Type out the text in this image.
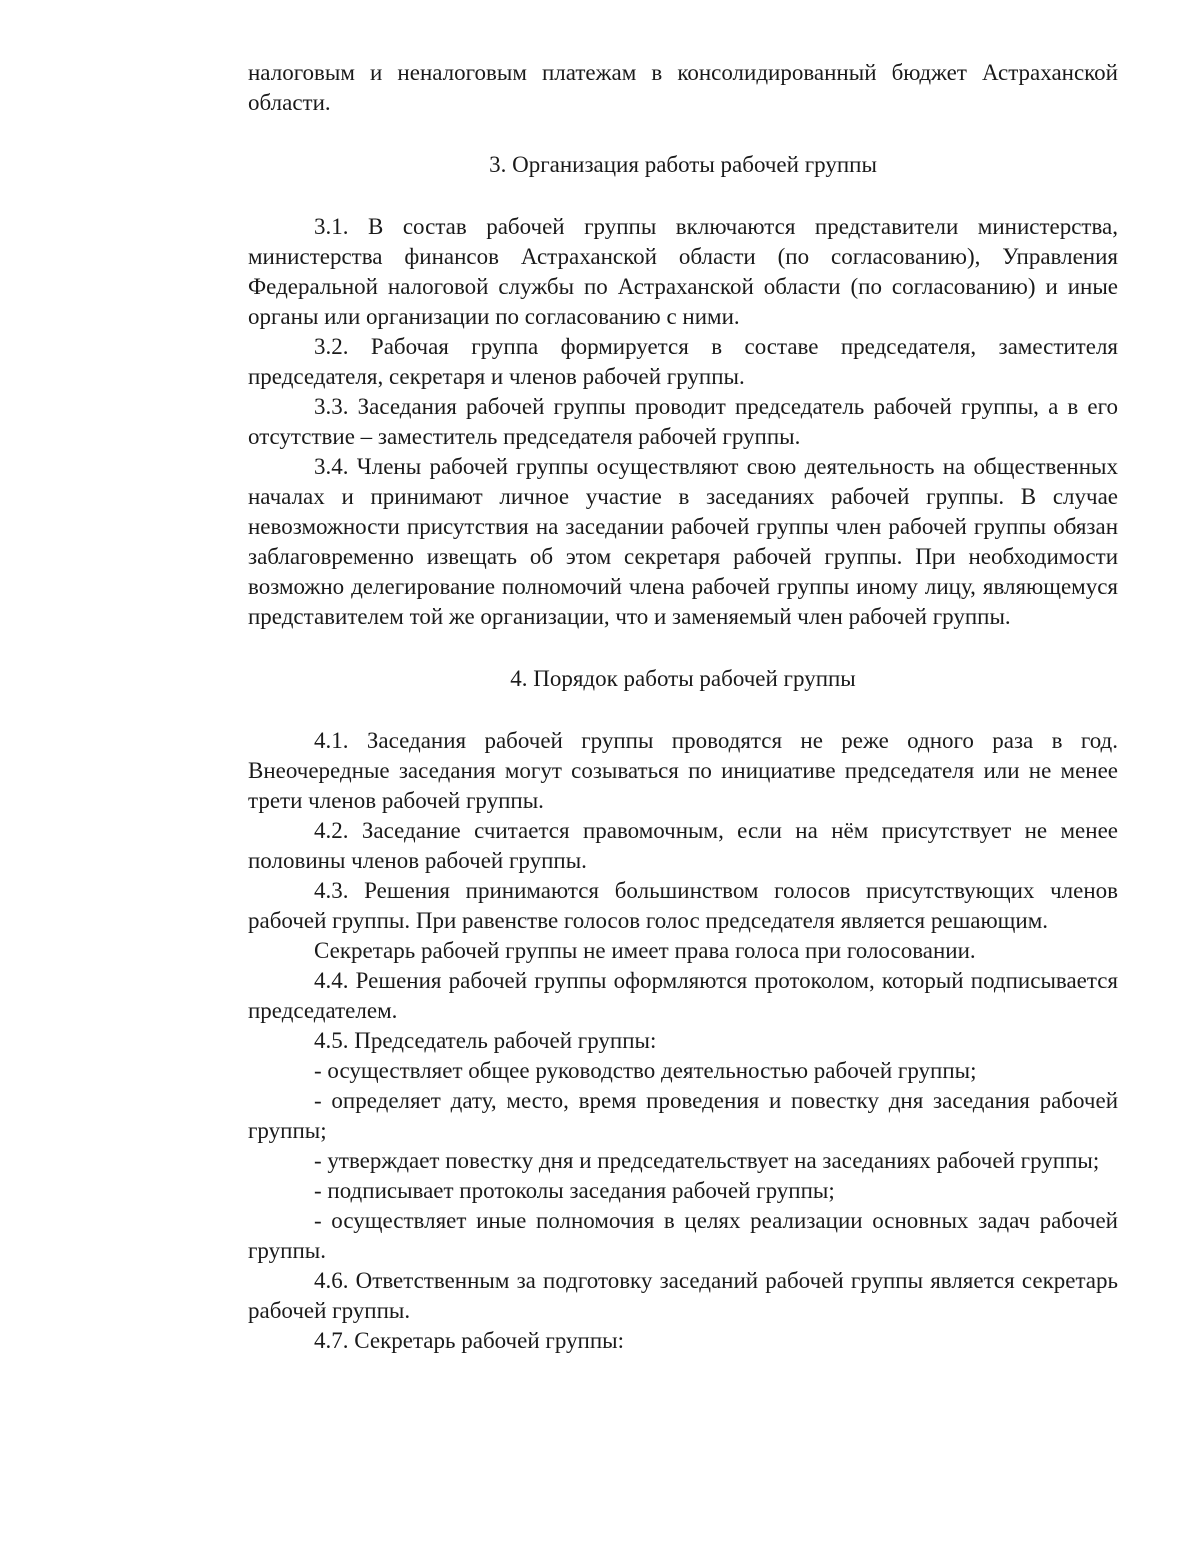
налоговым и неналоговым платежам в консолидированный бюджет Астраханской области.

3. Организация работы рабочей группы

3.1. В состав рабочей группы включаются представители министерства, министерства финансов Астраханской области (по согласованию), Управления Федеральной налоговой службы по Астраханской области (по согласованию) и иные органы или организации по согласованию с ними.

3.2. Рабочая группа формируется в составе председателя, заместителя председателя, секретаря и членов рабочей группы.

3.3. Заседания рабочей группы проводит председатель рабочей группы, а в его отсутствие – заместитель председателя рабочей группы.

3.4. Члены рабочей группы осуществляют свою деятельность на общественных началах и принимают личное участие в заседаниях рабочей группы. В случае невозможности присутствия на заседании рабочей группы член рабочей группы обязан заблаговременно извещать об этом секретаря рабочей группы. При необходимости возможно делегирование полномочий члена рабочей группы иному лицу, являющемуся представителем той же организации, что и заменяемый член рабочей группы.

4. Порядок работы рабочей группы

4.1. Заседания рабочей группы проводятся не реже одного раза в год. Внеочередные заседания могут созываться по инициативе председателя или не менее трети членов рабочей группы.

4.2. Заседание считается правомочным, если на нём присутствует не менее половины членов рабочей группы.

4.3. Решения принимаются большинством голосов присутствующих членов рабочей группы. При равенстве голосов голос председателя является решающим.

Секретарь рабочей группы не имеет права голоса при голосовании.

4.4. Решения рабочей группы оформляются протоколом, который подписывается председателем.

4.5. Председатель рабочей группы:

- осуществляет общее руководство деятельностью рабочей группы;

- определяет дату, место, время проведения и повестку дня заседания рабочей группы;

- утверждает повестку дня и председательствует на заседаниях рабочей группы;

- подписывает протоколы заседания рабочей группы;

- осуществляет иные полномочия в целях реализации основных задач рабочей группы.

4.6. Ответственным за подготовку заседаний рабочей группы является секретарь рабочей группы.

4.7. Секретарь рабочей группы:
